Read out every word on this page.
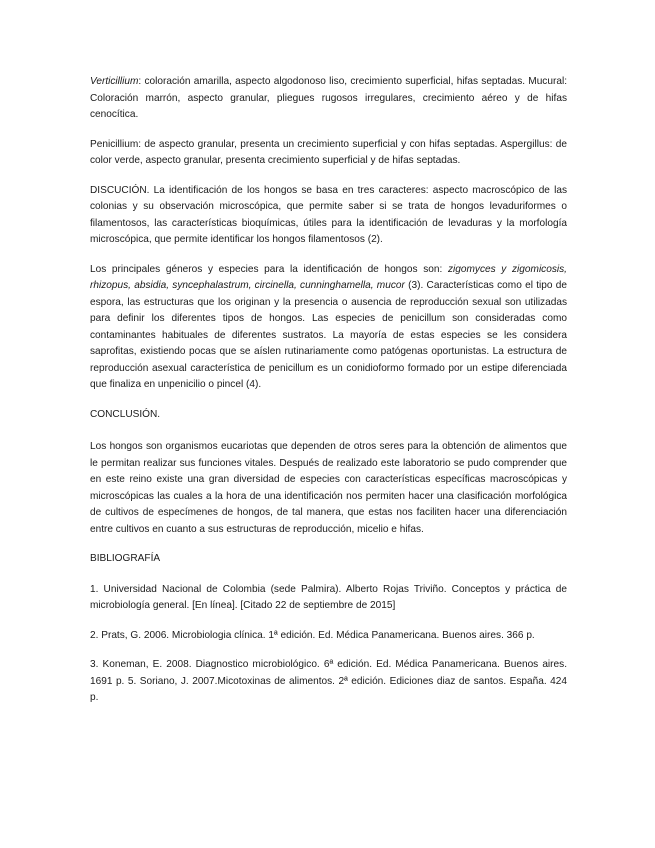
Verticillium: coloración amarilla, aspecto algodonoso liso, crecimiento superficial, hifas septadas. Mucural: Coloración marrón, aspecto granular, pliegues rugosos irregulares, crecimiento aéreo y de hifas cenocítica.

Penicillium: de aspecto granular, presenta un crecimiento superficial y con hifas septadas. Aspergillus: de color verde, aspecto granular, presenta crecimiento superficial y de hifas septadas.

DISCUCIÓN. La identificación de los hongos se basa en tres caracteres: aspecto macroscópico de las colonias y su observación microscópica, que permite saber si se trata de hongos levaduriformes o filamentosos, las características bioquímicas, útiles para la identificación de levaduras y la morfología microscópica, que permite identificar los hongos filamentosos (2).

Los principales géneros y especies para la identificación de hongos son: zigomyces y zigomicosis, rhizopus, absidia, syncephalastrum, circinella, cunninghamella, mucor (3). Características como el tipo de espora, las estructuras que los originan y la presencia o ausencia de reproducción sexual son utilizadas para definir los diferentes tipos de hongos. Las especies de penicillum son consideradas como contaminantes habituales de diferentes sustratos. La mayoría de estas especies se les considera saprofitas, existiendo pocas que se aíslen rutinariamente como patógenas oportunistas. La estructura de reproducción asexual característica de penicillum es un conidioformo formado por un estipe diferenciada que finaliza en unpenicilio o pincel (4).

CONCLUSIÓN.

Los hongos son organismos eucariotas que dependen de otros seres para la obtención de alimentos que le permitan realizar sus funciones vitales. Después de realizado este laboratorio se pudo comprender que en este reino existe una gran diversidad de especies con características específicas macroscópicas y microscópicas las cuales a la hora de una identificación nos permiten hacer una clasificación morfológica de cultivos de especímenes de hongos, de tal manera, que estas nos faciliten hacer una diferenciación entre cultivos en cuanto a sus estructuras de reproducción, micelio e hifas.

BIBLIOGRAFÍA

1. Universidad Nacional de Colombia (sede Palmira). Alberto Rojas Triviño. Conceptos y práctica de microbiología general. [En línea]. [Citado 22 de septiembre de 2015]

2. Prats, G. 2006. Microbiologia clínica. 1ª edición. Ed. Médica Panamericana. Buenos aires. 366 p.

3. Koneman, E. 2008. Diagnostico microbiológico. 6ª edición. Ed. Médica Panamericana. Buenos aires. 1691 p. 5. Soriano, J. 2007.Micotoxinas de alimentos. 2ª edición. Ediciones diaz de santos. España. 424 p.
